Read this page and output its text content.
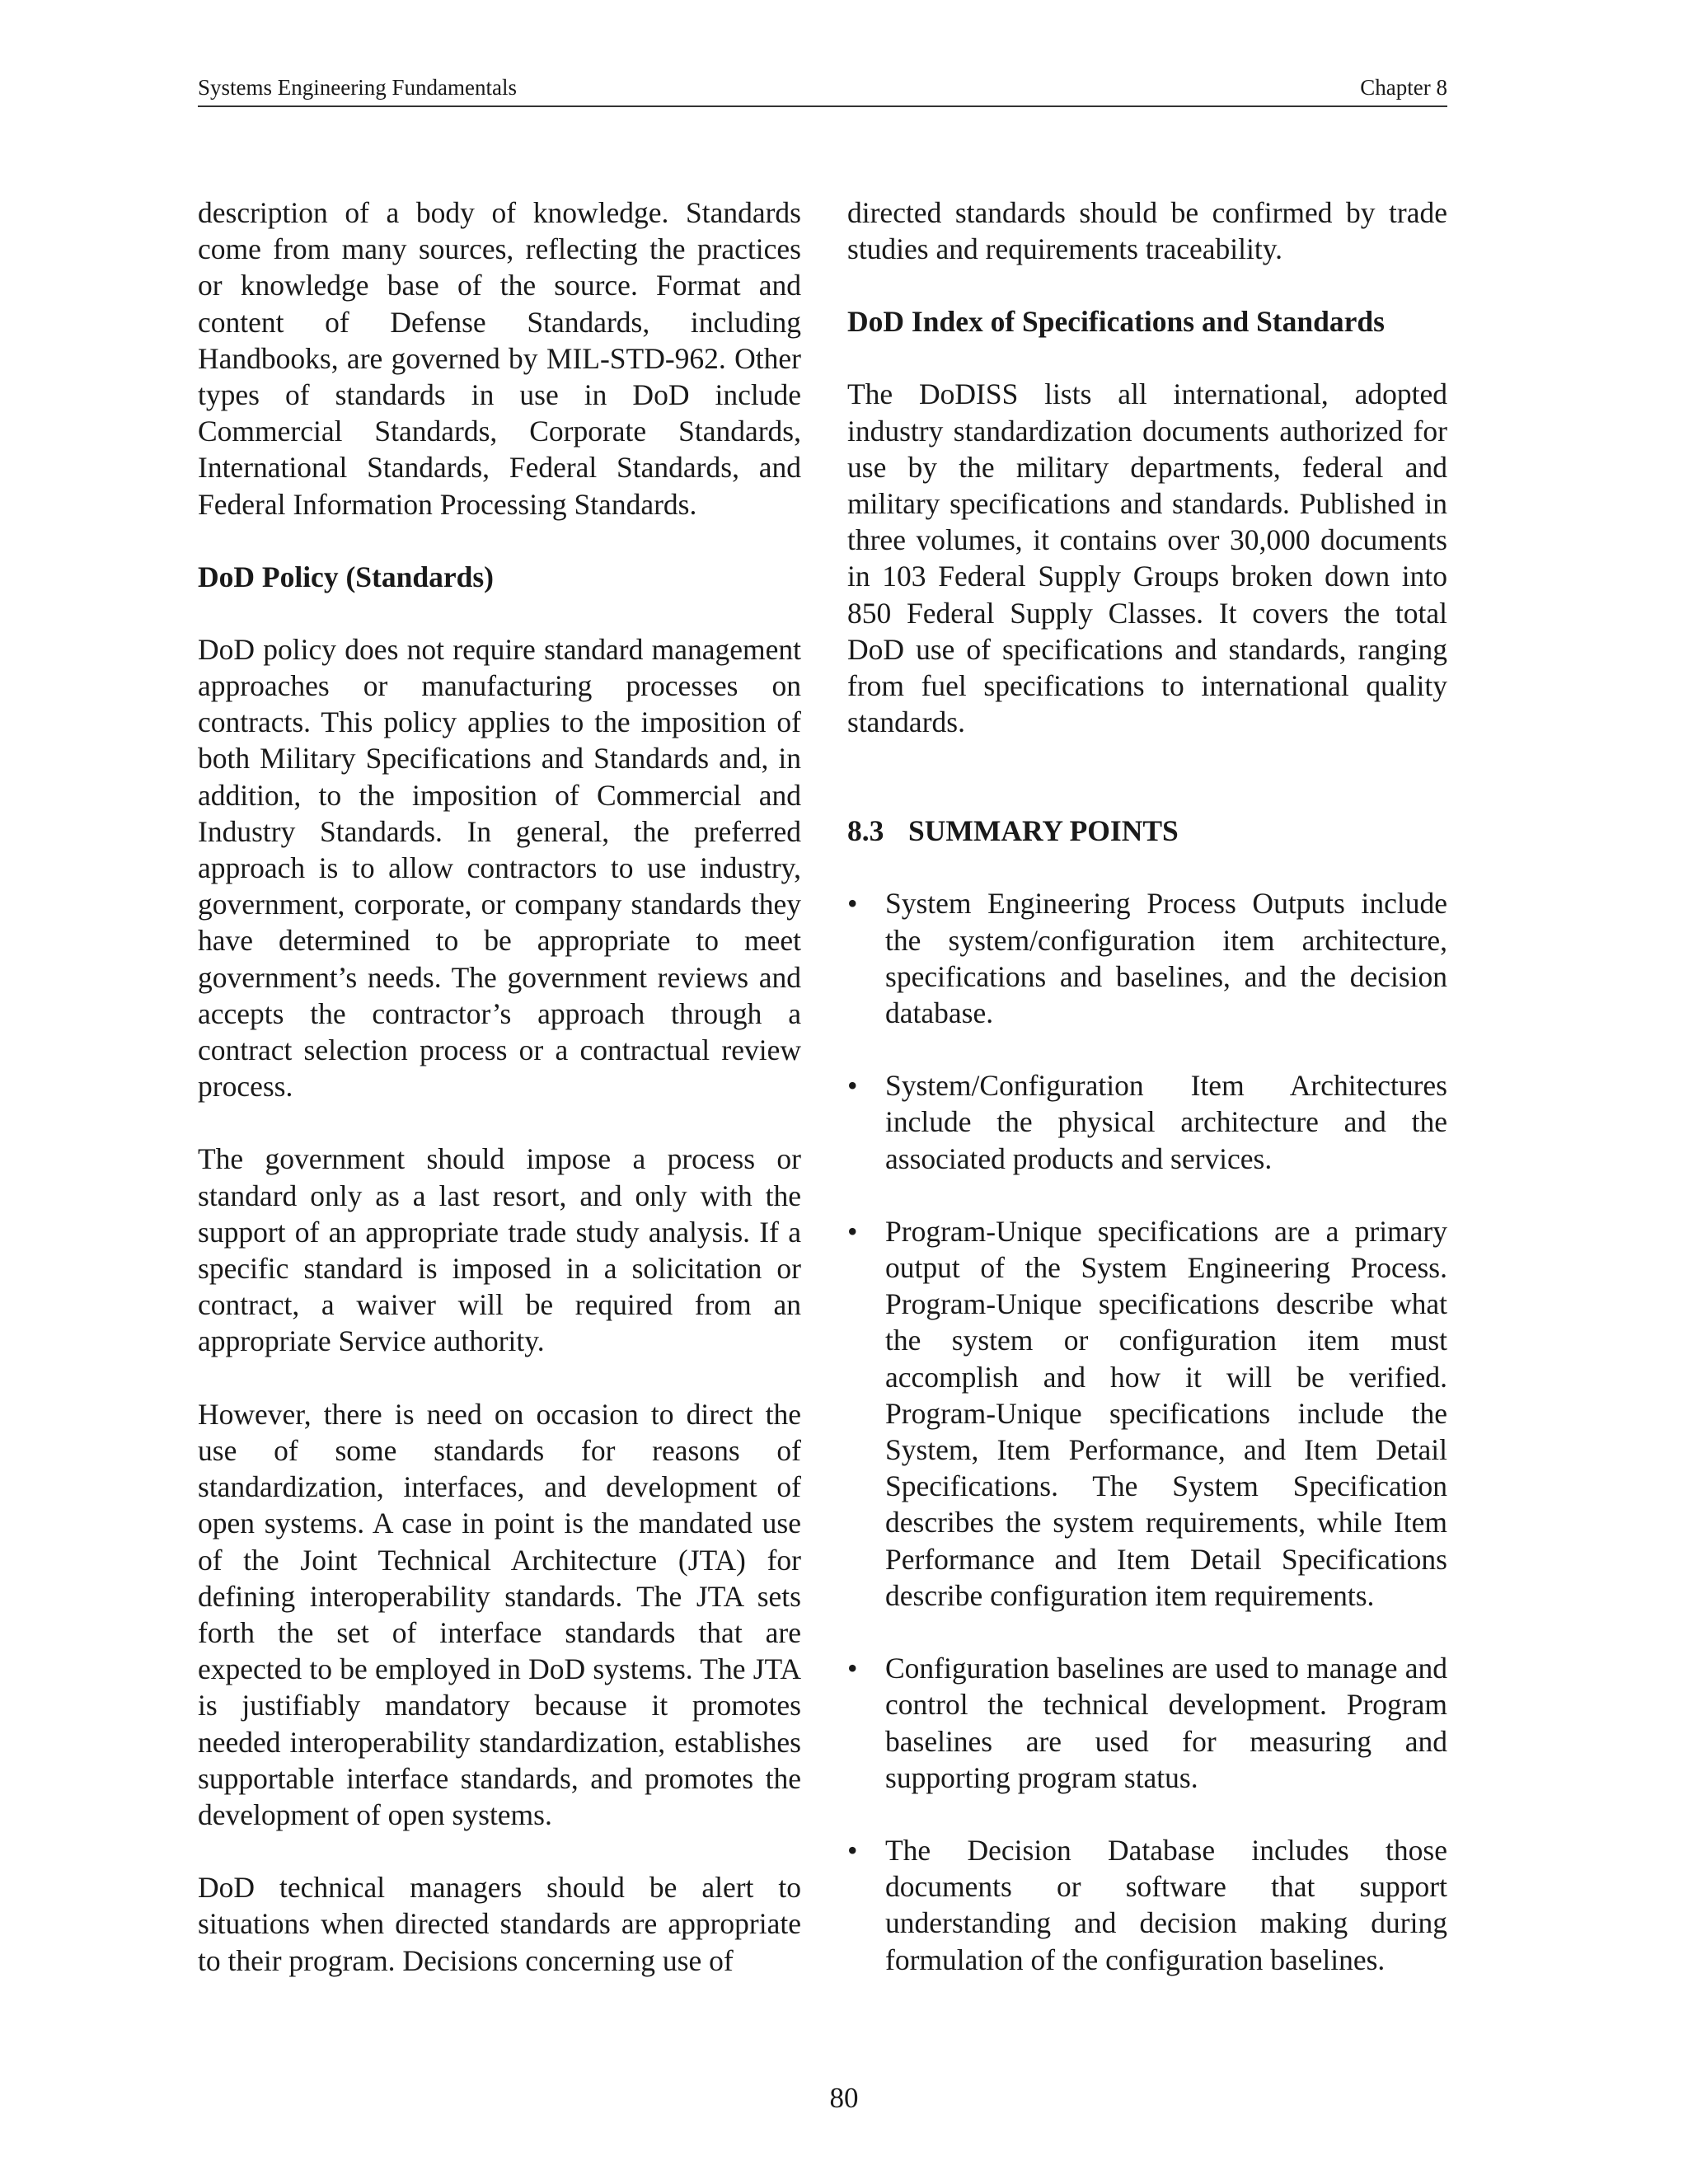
Systems Engineering Fundamentals	Chapter 8

description of a body of knowledge. Standards come from many sources, reflecting the practices or knowledge base of the source. Format and content of Defense Standards, including Handbooks, are governed by MIL-STD-962. Other types of standards in use in DoD include Commercial Standards, Corporate Standards, International Standards, Federal Standards, and Federal Information Processing Standards.

DoD Policy (Standards)

DoD policy does not require standard management approaches or manufacturing processes on contracts. This policy applies to the imposition of both Military Specifications and Standards and, in addition, to the imposition of Commercial and Industry Standards. In general, the preferred approach is to allow contractors to use industry, government, corporate, or company standards they have determined to be appropriate to meet government’s needs. The government reviews and accepts the contractor’s approach through a contract selection process or a contractual review process.

The government should impose a process or standard only as a last resort, and only with the support of an appropriate trade study analysis. If a specific standard is imposed in a solicitation or contract, a waiver will be required from an appropriate Service authority.

However, there is need on occasion to direct the use of some standards for reasons of standardization, interfaces, and development of open systems. A case in point is the mandated use of the Joint Technical Architecture (JTA) for defining interoperability standards. The JTA sets forth the set of interface standards that are expected to be employed in DoD systems. The JTA is justifiably mandatory because it promotes needed interoperability standardization, establishes supportable interface standards, and promotes the development of open systems.

DoD technical managers should be alert to situations when directed standards are appropriate to their program. Decisions concerning use of

directed standards should be confirmed by trade studies and requirements traceability.

DoD Index of Specifications and Standards

The DoDISS lists all international, adopted industry standardization documents authorized for use by the military departments, federal and military specifications and standards. Published in three volumes, it contains over 30,000 documents in 103 Federal Supply Groups broken down into 850 Federal Supply Classes. It covers the total DoD use of specifications and standards, ranging from fuel specifications to international quality standards.

8.3 SUMMARY POINTS
• System Engineering Process Outputs include the system/configuration item architecture, specifications and baselines, and the decision database.
• System/Configuration Item Architectures include the physical architecture and the associated products and services.
• Program-Unique specifications are a primary output of the System Engineering Process. Program-Unique specifications describe what the system or configuration item must accomplish and how it will be verified. Program-Unique specifications include the System, Item Performance, and Item Detail Specifications. The System Specification describes the system requirements, while Item Performance and Item Detail Specifications describe configuration item requirements.
• Configuration baselines are used to manage and control the technical development. Program baselines are used for measuring and supporting program status.
• The Decision Database includes those documents or software that support understanding and decision making during formulation of the configuration baselines.
80
